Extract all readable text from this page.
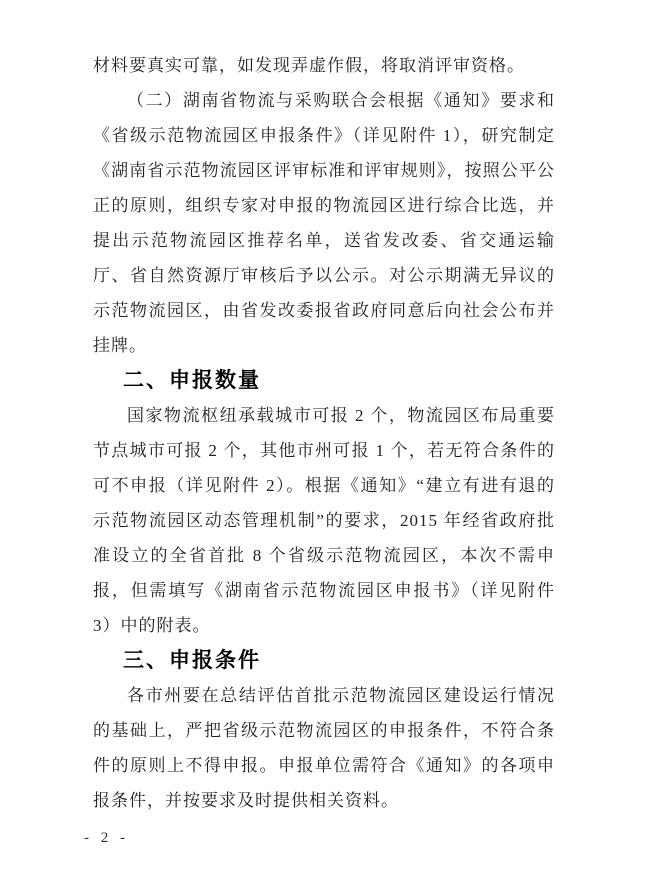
材料要真实可靠，如发现弄虚作假，将取消评审资格。

（二）湖南省物流与采购联合会根据《通知》要求和《省级示范物流园区申报条件》（详见附件 1），研究制定《湖南省示范物流园区评审标准和评审规则》，按照公平公正的原则，组织专家对申报的物流园区进行综合比选，并提出示范物流园区推荐名单，送省发改委、省交通运输厅、省自然资源厅审核后予以公示。对公示期满无异议的示范物流园区，由省发改委报省政府同意后向社会公布并挂牌。

二、申报数量

国家物流枢纽承载城市可报 2 个，物流园区布局重要节点城市可报 2 个，其他市州可报 1 个，若无符合条件的可不申报（详见附件 2）。根据《通知》“建立有进有退的示范物流园区动态管理机制”的要求，2015 年经省政府批准设立的全省首批 8 个省级示范物流园区，本次不需申报，但需填写《湖南省示范物流园区申报书》（详见附件 3）中的附表。

三、申报条件

各市州要在总结评估首批示范物流园区建设运行情况的基础上，严把省级示范物流园区的申报条件，不符合条件的原则上不得申报。申报单位需符合《通知》的各项申报条件，并按要求及时提供相关资料。

- 2 -
